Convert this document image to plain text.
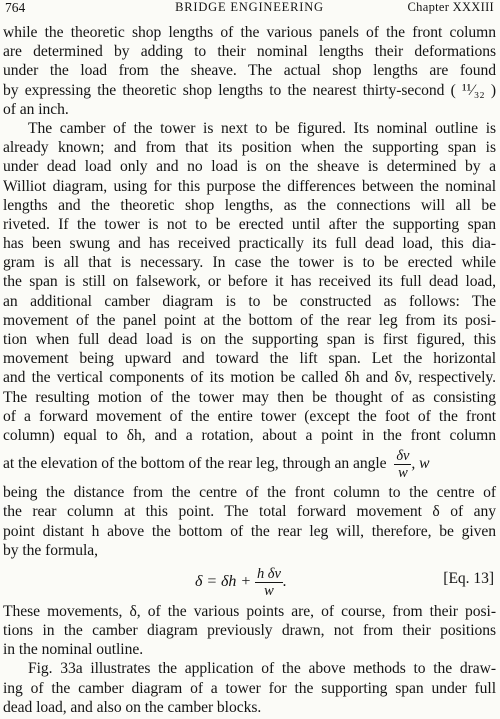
764	BRIDGE ENGINEERING	Chapter XXXIII
while the theoretic shop lengths of the various panels of the front column
are determined by adding to their nominal lengths their deformations
under the load from the sheave. The actual shop lengths are found
by expressing the theoretic shop lengths to the nearest thirty-second ( ¹¹⁄₃₂ )
of an inch.
The camber of the tower is next to be figured. Its nominal outline is
already known; and from that its position when the supporting span is
under dead load only and no load is on the sheave is determined by a
Williot diagram, using for this purpose the differences between the nominal
lengths and the theoretic shop lengths, as the connections will all be
riveted. If the tower is not to be erected until after the supporting span
has been swung and has received practically its full dead load, this dia-
gram is all that is necessary. In case the tower is to be erected while
the span is still on falsework, or before it has received its full dead load,
an additional camber diagram is to be constructed as follows: The
movement of the panel point at the bottom of the rear leg from its posi-
tion when full dead load is on the supporting span is first figured, this
movement being upward and toward the lift span. Let the horizontal
and the vertical components of its motion be called δh and δv, respectively.
The resulting motion of the tower may then be thought of as consisting
of a forward movement of the entire tower (except the foot of the front
column) equal to δh, and a rotation, about a point in the front column
at the elevation of the bottom of the rear leg, through an angle $\frac{\delta v}{w}$ , w
being the distance from the centre of the front column to the centre of
the rear column at this point. The total forward movement δ of any
point distant h above the bottom of the rear leg will, therefore, be given
by the formula,
$\delta = \delta h + \frac{\text{h δv}}{w}$ .	[Eq. 13]
These movements, δ, of the various points are, of course, from their posi-
tions in the camber diagram previously drawn, not from their positions
in the nominal outline.
Fig. 33a illustrates the application of the above methods to the draw-
ing of the camber diagram of a tower for the supporting span under full
dead load, and also on the camber blocks.
